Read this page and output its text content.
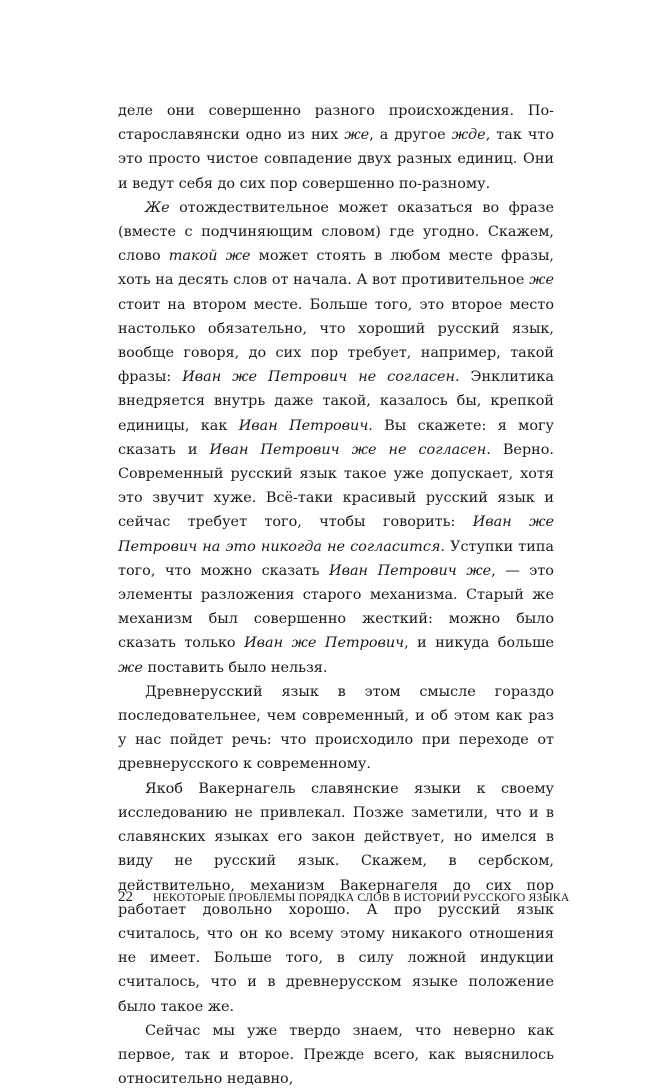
деле они совершенно разного происхождения. По-староcлавянски одно из них же, а другое жде, так что это просто чистое совпадение двух разных единиц. Они и ведут себя до сих пор совершенно по-разному.

Же отождествительное может оказаться во фразе (вместе с подчиняющим словом) где угодно. Скажем, слово такой же может стоять в любом месте фразы, хоть на десять слов от начала. А вот противительное же стоит на втором месте. Больше того, это второе место настолько обязательно, что хороший русский язык, вообще говоря, до сих пор требует, например, такой фразы: Иван же Петрович не согласен. Энклитика внедряется внутрь даже такой, казалось бы, крепкой единицы, как Иван Петрович. Вы скажете: я могу сказать и Иван Петрович же не согласен. Верно. Современный русский язык такое уже допускает, хотя это звучит хуже. Всё-таки красивый русский язык и сейчас требует того, чтобы говорить: Иван же Петрович на это никогда не согласится. Уступки типа того, что можно сказать Иван Петрович же, — это элементы разложения старого механизма. Старый же механизм был совершенно жесткий: можно было сказать только Иван же Петрович, и никуда больше же поставить было нельзя.

Древнерусский язык в этом смысле гораздо последовательнее, чем современный, и об этом как раз у нас пойдет речь: что происходило при переходе от древнерусского к современному.

Якоб Вакернагель славянские языки к своему исследованию не привлекал. Позже заметили, что и в славянских языках его закон действует, но имелся в виду не русский язык. Скажем, в сербском, действительно, механизм Вакернагеля до сих пор работает довольно хорошо. А про русский язык считалось, что он ко всему этому никакого отношения не имеет. Больше того, в силу ложной индукции считалось, что и в древнерусском языке положение было такое же.

Сейчас мы уже твердо знаем, что неверно как первое, так и второе. Прежде всего, как выяснилось относительно недавно,

22 НЕКОТОРЫЕ ПРОБЛЕМЫ ПОРЯДКА СЛОВ В ИСТОРИИ РУССКОГО ЯЗЫКА
